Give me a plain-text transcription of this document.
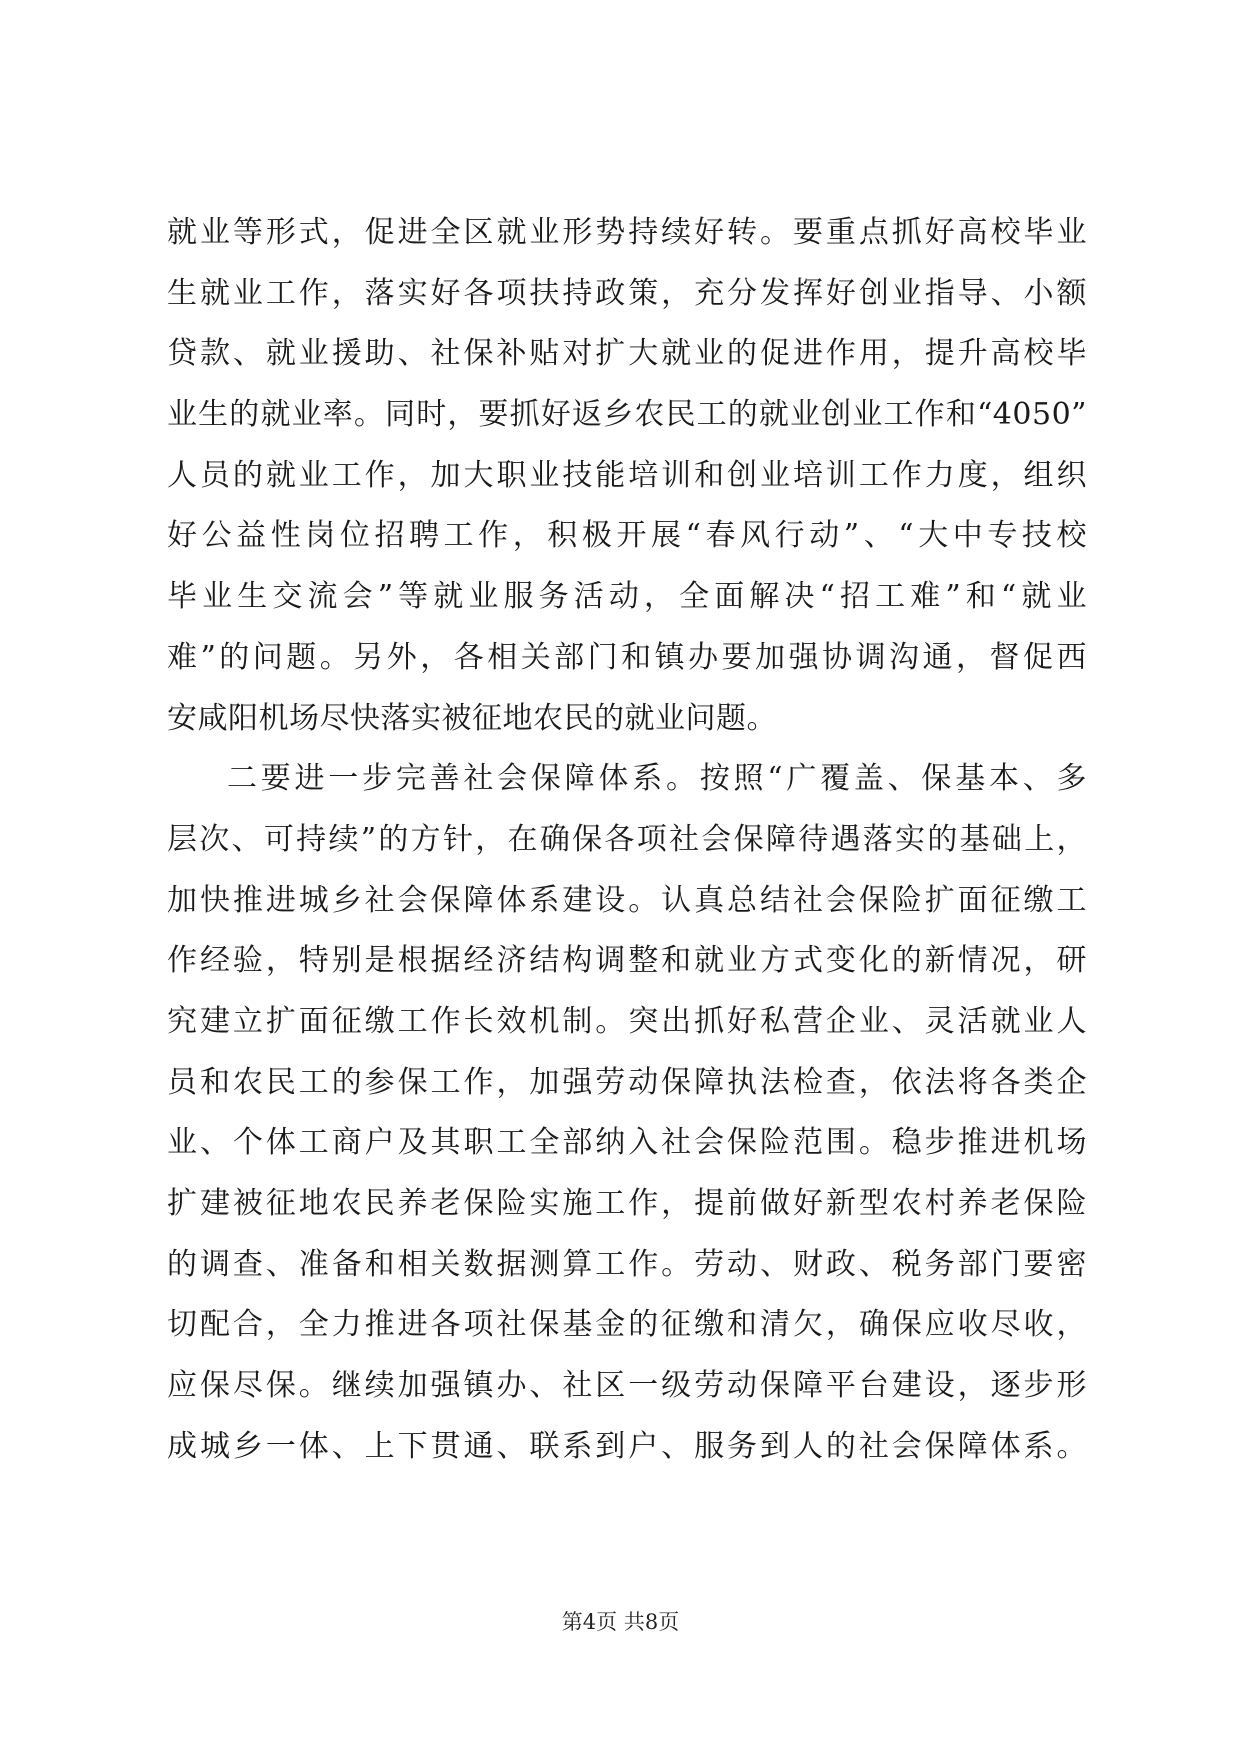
就业等形式，促进全区就业形势持续好转。要重点抓好高校毕业
生就业工作，落实好各项扶持政策，充分发挥好创业指导、小额
贷款、就业援助、社保补贴对扩大就业的促进作用，提升高校毕
业生的就业率。同时，要抓好返乡农民工的就业创业工作和“4050”
人员的就业工作，加大职业技能培训和创业培训工作力度，组织
好公益性岗位招聘工作，积极开展“春风行动”、“大中专技校
毕业生交流会”等就业服务活动，全面解决“招工难”和“就业
难”的问题。另外，各相关部门和镇办要加强协调沟通，督促西
安咸阳机场尽快落实被征地农民的就业问题。
二要进一步完善社会保障体系。按照“广覆盖、保基本、多
层次、可持续”的方针，在确保各项社会保障待遇落实的基础上，
加快推进城乡社会保障体系建设。认真总结社会保险扩面征缴工
作经验，特别是根据经济结构调整和就业方式变化的新情况，研
究建立扩面征缴工作长效机制。突出抓好私营企业、灵活就业人
员和农民工的参保工作，加强劳动保障执法检查，依法将各类企
业、个体工商户及其职工全部纳入社会保险范围。稳步推进机场
扩建被征地农民养老保险实施工作，提前做好新型农村养老保险
的调查、准备和相关数据测算工作。劳动、财政、税务部门要密
切配合，全力推进各项社保基金的征缴和清欠，确保应收尽收，
应保尽保。继续加强镇办、社区一级劳动保障平台建设，逐步形
成城乡一体、上下贯通、联系到户、服务到人的社会保障体系。
第4页 共8页
